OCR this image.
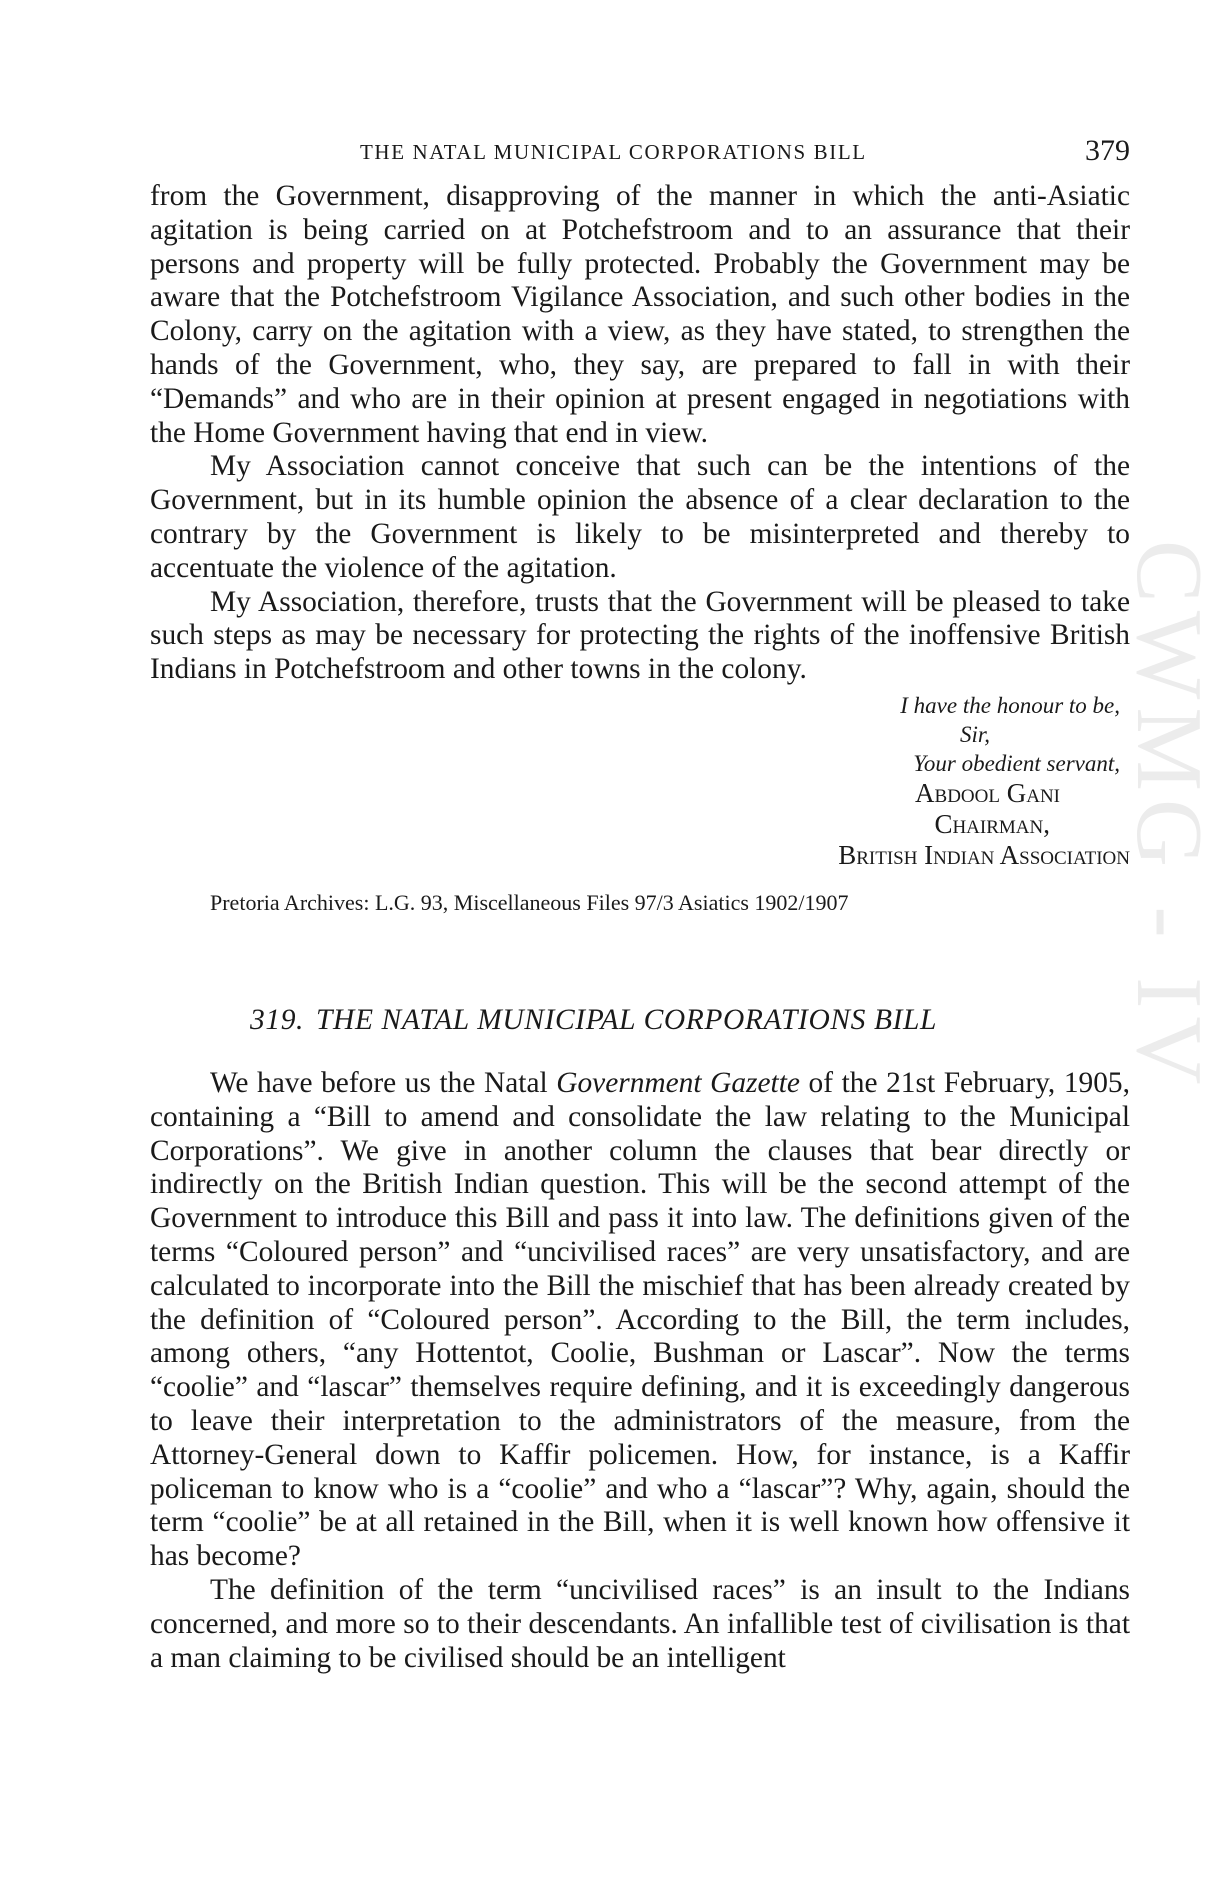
CWMG - IV
THE NATAL MUNICIPAL CORPORATIONS BILL	379

from the Government, disapproving of the manner in which the anti-Asiatic agitation is being carried on at Potchefstroom and to an assurance that their persons and property will be fully protected. Probably the Government may be aware that the Potchefstroom Vigilance Association, and such other bodies in the Colony, carry on the agitation with a view, as they have stated, to strengthen the hands of the Government, who, they say, are prepared to fall in with their “Demands” and who are in their opinion at present engaged in negotiations with the Home Government having that end in view.

My Association cannot conceive that such can be the intentions of the Government, but in its humble opinion the absence of a clear declaration to the contrary by the Government is likely to be misinterpreted and thereby to accentuate the violence of the agitation.

My Association, therefore, trusts that the Government will be pleased to take such steps as may be necessary for protecting the rights of the inoffensive British Indians in Potchefstroom and other towns in the colony.

I have the honour to be,
Sir,
Your obedient servant,
Abdool Gani
Chairman,
British Indian Association
Pretoria Archives: L.G. 93, Miscellaneous Files 97/3 Asiatics 1902/1907
319. THE NATAL MUNICIPAL CORPORATIONS BILL

We have before us the Natal Government Gazette of the 21st February, 1905, containing a “Bill to amend and consolidate the law relating to the Municipal Corporations”. We give in another column the clauses that bear directly or indirectly on the British Indian question. This will be the second attempt of the Government to introduce this Bill and pass it into law. The definitions given of the terms “Coloured person” and “uncivilised races” are very unsatisfactory, and are calculated to incorporate into the Bill the mischief that has been already created by the definition of “Coloured person”. According to the Bill, the term includes, among others, “any Hottentot, Coolie, Bushman or Lascar”. Now the terms “coolie” and “lascar” themselves require defining, and it is exceedingly dangerous to leave their interpretation to the administrators of the measure, from the Attorney-General down to Kaffir policemen. How, for instance, is a Kaffir policeman to know who is a “coolie” and who a “lascar”? Why, again, should the term “coolie” be at all retained in the Bill, when it is well known how offensive it has become?

The definition of the term “uncivilised races” is an insult to the Indians concerned, and more so to their descendants. An infallible test of civilisation is that a man claiming to be civilised should be an intelligent
